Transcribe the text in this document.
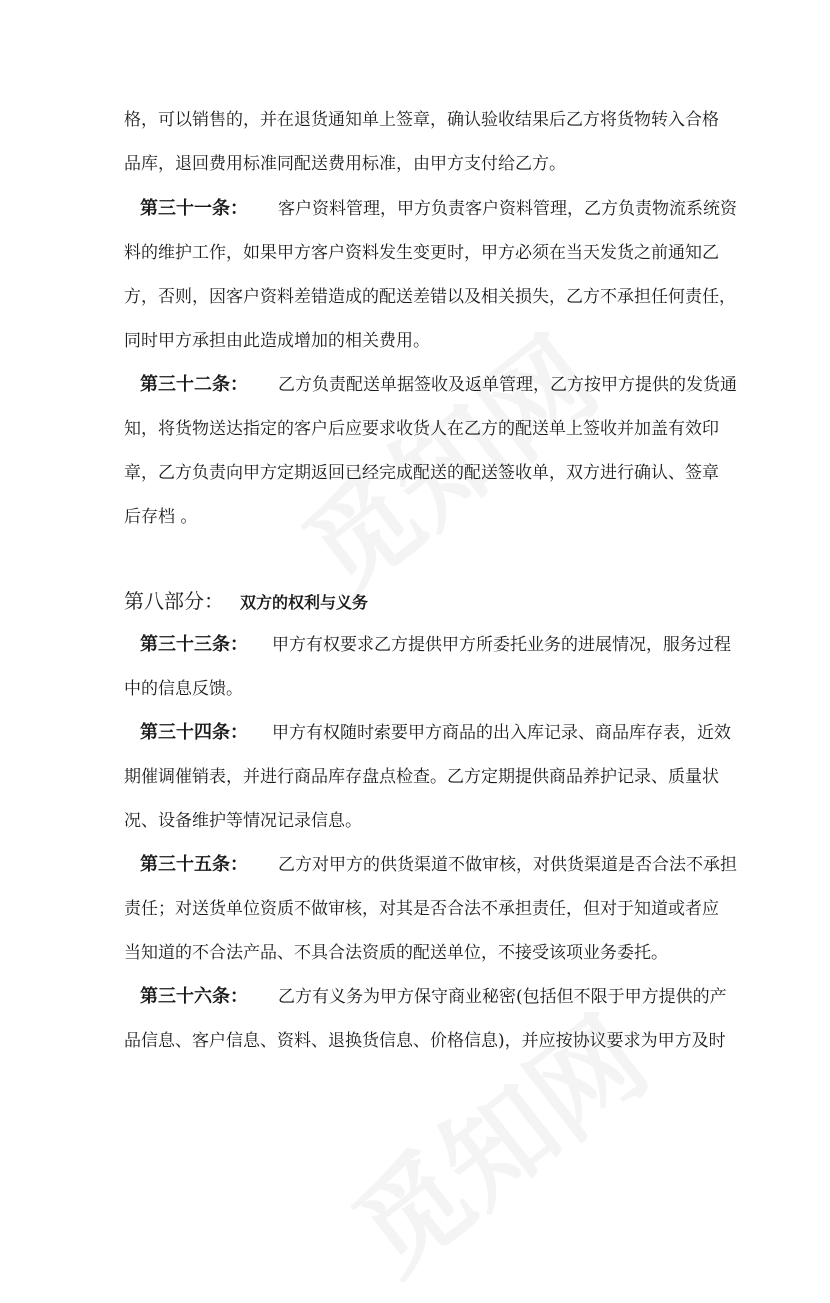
格，可以销售的，并在退货通知单上签章，确认验收结果后乙方将货物转入合格
品库，退回费用标准同配送费用标准，由甲方支付给乙方。
第三十一条： 客户资料管理，甲方负责客户资料管理，乙方负责物流系统资
料的维护工作，如果甲方客户资料发生变更时，甲方必须在当天发货之前通知乙
方，否则，因客户资料差错造成的配送差错以及相关损失，乙方不承担任何责任，
同时甲方承担由此造成增加的相关费用。
第三十二条： 乙方负责配送单据签收及返单管理，乙方按甲方提供的发货通
知，将货物送达指定的客户后应要求收货人在乙方的配送单上签收并加盖有效印
章，乙方负责向甲方定期返回已经完成配送的配送签收单，双方进行确认、签章
后存档 。
第八部分： 双方的权利与义务
第三十三条： 甲方有权要求乙方提供甲方所委托业务的进展情况，服务过程
中的信息反馈。
第三十四条： 甲方有权随时索要甲方商品的出入库记录、商品库存表，近效
期催调催销表，并进行商品库存盘点检查。乙方定期提供商品养护记录、质量状
况、设备维护等情况记录信息。
第三十五条： 乙方对甲方的供货渠道不做审核，对供货渠道是否合法不承担
责任；对送货单位资质不做审核，对其是否合法不承担责任，但对于知道或者应
当知道的不合法产品、不具合法资质的配送单位，不接受该项业务委托。
第三十六条： 乙方有义务为甲方保守商业秘密(包括但不限于甲方提供的产
品信息、客户信息、资料、退换货信息、价格信息)，并应按协议要求为甲方及时
